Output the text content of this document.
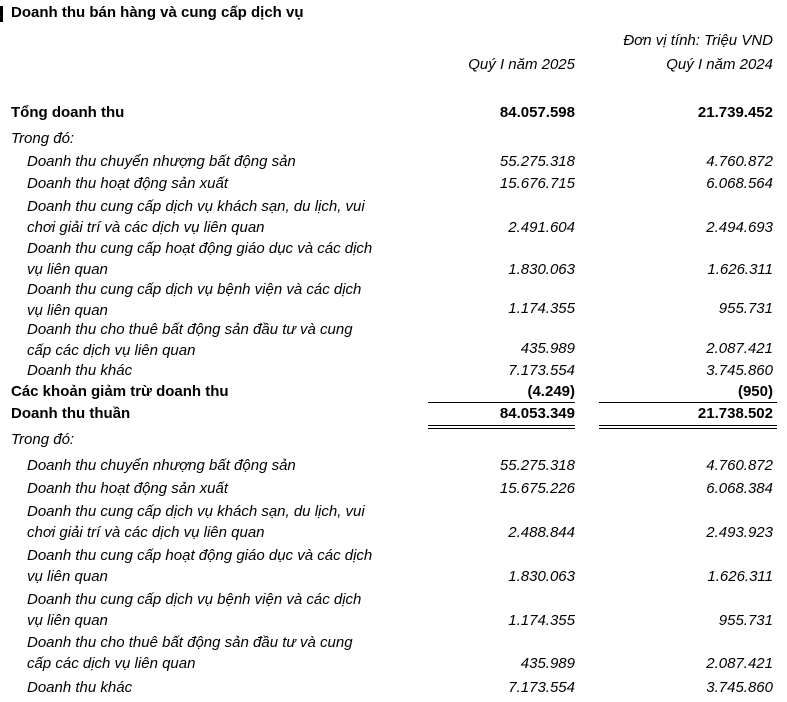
Doanh thu bán hàng và cung cấp dịch vụ
Đơn vị tính: Triệu VND
Quý I năm 2025	Quý I năm 2024
Tổng doanh thu	84.057.598	21.739.452
Trong đó:
Doanh thu chuyển nhượng bất động sản	55.275.318	4.760.872
Doanh thu hoạt động sản xuất	15.676.715	6.068.564
Doanh thu cung cấp dịch vụ khách sạn, du lịch, vui
chơi giải trí và các dịch vụ liên quan	2.491.604	2.494.693
Doanh thu cung cấp hoạt động giáo dục và các dịch
vụ liên quan	1.830.063	1.626.311
Doanh thu cung cấp dịch vụ bệnh viện và các dịch
vụ liên quan	1.174.355	955.731
Doanh thu cho thuê bất động sản đầu tư và cung
cấp các dịch vụ liên quan	435.989	2.087.421
Doanh thu khác	7.173.554	3.745.860
Các khoản giảm trừ doanh thu	(4.249)	(950)
Doanh thu thuần	84.053.349	21.738.502
Trong đó:
Doanh thu chuyển nhượng bất động sản	55.275.318	4.760.872
Doanh thu hoạt động sản xuất	15.675.226	6.068.384
Doanh thu cung cấp dịch vụ khách sạn, du lịch, vui
chơi giải trí và các dịch vụ liên quan	2.488.844	2.493.923
Doanh thu cung cấp hoạt động giáo dục và các dịch
vụ liên quan	1.830.063	1.626.311
Doanh thu cung cấp dịch vụ bệnh viện và các dịch
vụ liên quan	1.174.355	955.731
Doanh thu cho thuê bất động sản đầu tư và cung
cấp các dịch vụ liên quan	435.989	2.087.421
Doanh thu khác	7.173.554	3.745.860
